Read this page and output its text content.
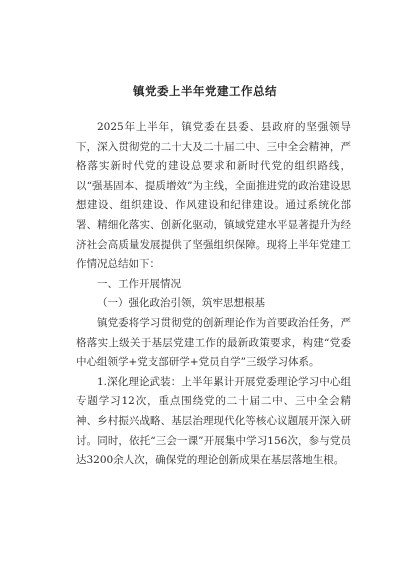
镇党委上半年党建工作总结

2025年上半年，镇党委在县委、县政府的坚强领导下，深入贯彻党的二十大及二十届二中、三中全会精神，严格落实新时代党的建设总要求和新时代党的组织路线，以“强基固本、提质增效”为主线，全面推进党的政治建设思想建设、组织建设、作风建设和纪律建设。通过系统化部署、精细化落实、创新化驱动，镇域党建水平显著提升为经济社会高质量发展提供了坚强组织保障。现将上半年党建工作情况总结如下：

一、工作开展情况

（一）强化政治引领，筑牢思想根基

镇党委将学习贯彻党的创新理论作为首要政治任务，严格落实上级关于基层党建工作的最新政策要求，构建“党委中心组领学+党支部研学+党员自学”三级学习体系。

1.深化理论武装：上半年累计开展党委理论学习中心组专题学习12次，重点围绕党的二十届二中、三中全会精神、乡村振兴战略、基层治理现代化等核心议题展开深入研讨。同时，依托“三会一课”开展集中学习156次，参与党员达3200余人次，确保党的理论创新成果在基层落地生根。
